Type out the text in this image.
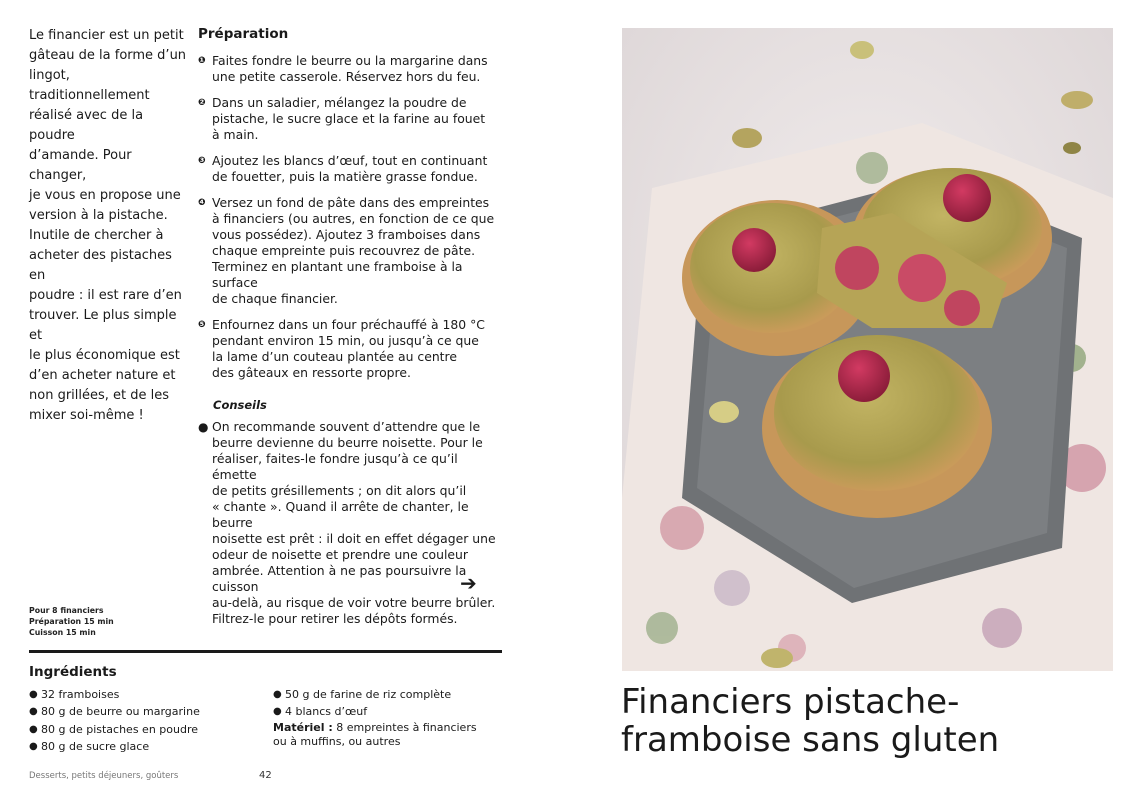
Le financier est un petit

gâteau de la forme d’un

lingot, traditionnellement

réalisé avec de la poudre

d’amande. Pour changer,

je vous en propose une

version à la pistache.

Inutile de chercher à

acheter des pistaches en

poudre : il est rare d’en

trouver. Le plus simple et

le plus économique est

d’en acheter nature et

non grillées, et de les

mixer soi-même !

Préparation
❶ Faites fondre le beurre ou la margarine dans
une petite casserole. Réservez hors du feu.
❷ Dans un saladier, mélangez la poudre de
pistache, le sucre glace et la farine au fouet
à main.
❸ Ajoutez les blancs d’œuf, tout en continuant
de fouetter, puis la matière grasse fondue.
❹ Versez un fond de pâte dans des empreintes
à financiers (ou autres, en fonction de ce que
vous possédez). Ajoutez 3 framboises dans
chaque empreinte puis recouvrez de pâte.
Terminez en plantant une framboise à la surface
de chaque financier.
❺ Enfournez dans un four préchauffé à 180 °C
pendant environ 15 min, ou jusqu’à ce que
la lame d’un couteau plantée au centre
des gâteaux en ressorte propre.
Conseils
● On recommande souvent d’attendre que le
beurre devienne du beurre noisette. Pour le
réaliser, faites-le fondre jusqu’à ce qu’il émette
de petits grésillements ; on dit alors qu’il
« chante ». Quand il arrête de chanter, le beurre
noisette est prêt : il doit en effet dégager une
odeur de noisette et prendre une couleur
ambrée. Attention à ne pas poursuivre la cuisson
au-delà, au risque de voir votre beurre brûler.
Filtrez-le pour retirer les dépôts formés.
➔
Pour 8 financiers
Préparation 15 min
Cuisson 15 min
Ingrédients
● 32 framboises
● 80 g de beurre ou margarine
● 80 g de pistaches en poudre
● 80 g de sucre glace
● 50 g de farine de riz complète
● 4 blancs d’œuf
Matériel : 8 empreintes à financiers
ou à muffins, ou autres
Desserts, petits déjeuners, goûters	42
Financiers pistache-
framboise sans gluten
